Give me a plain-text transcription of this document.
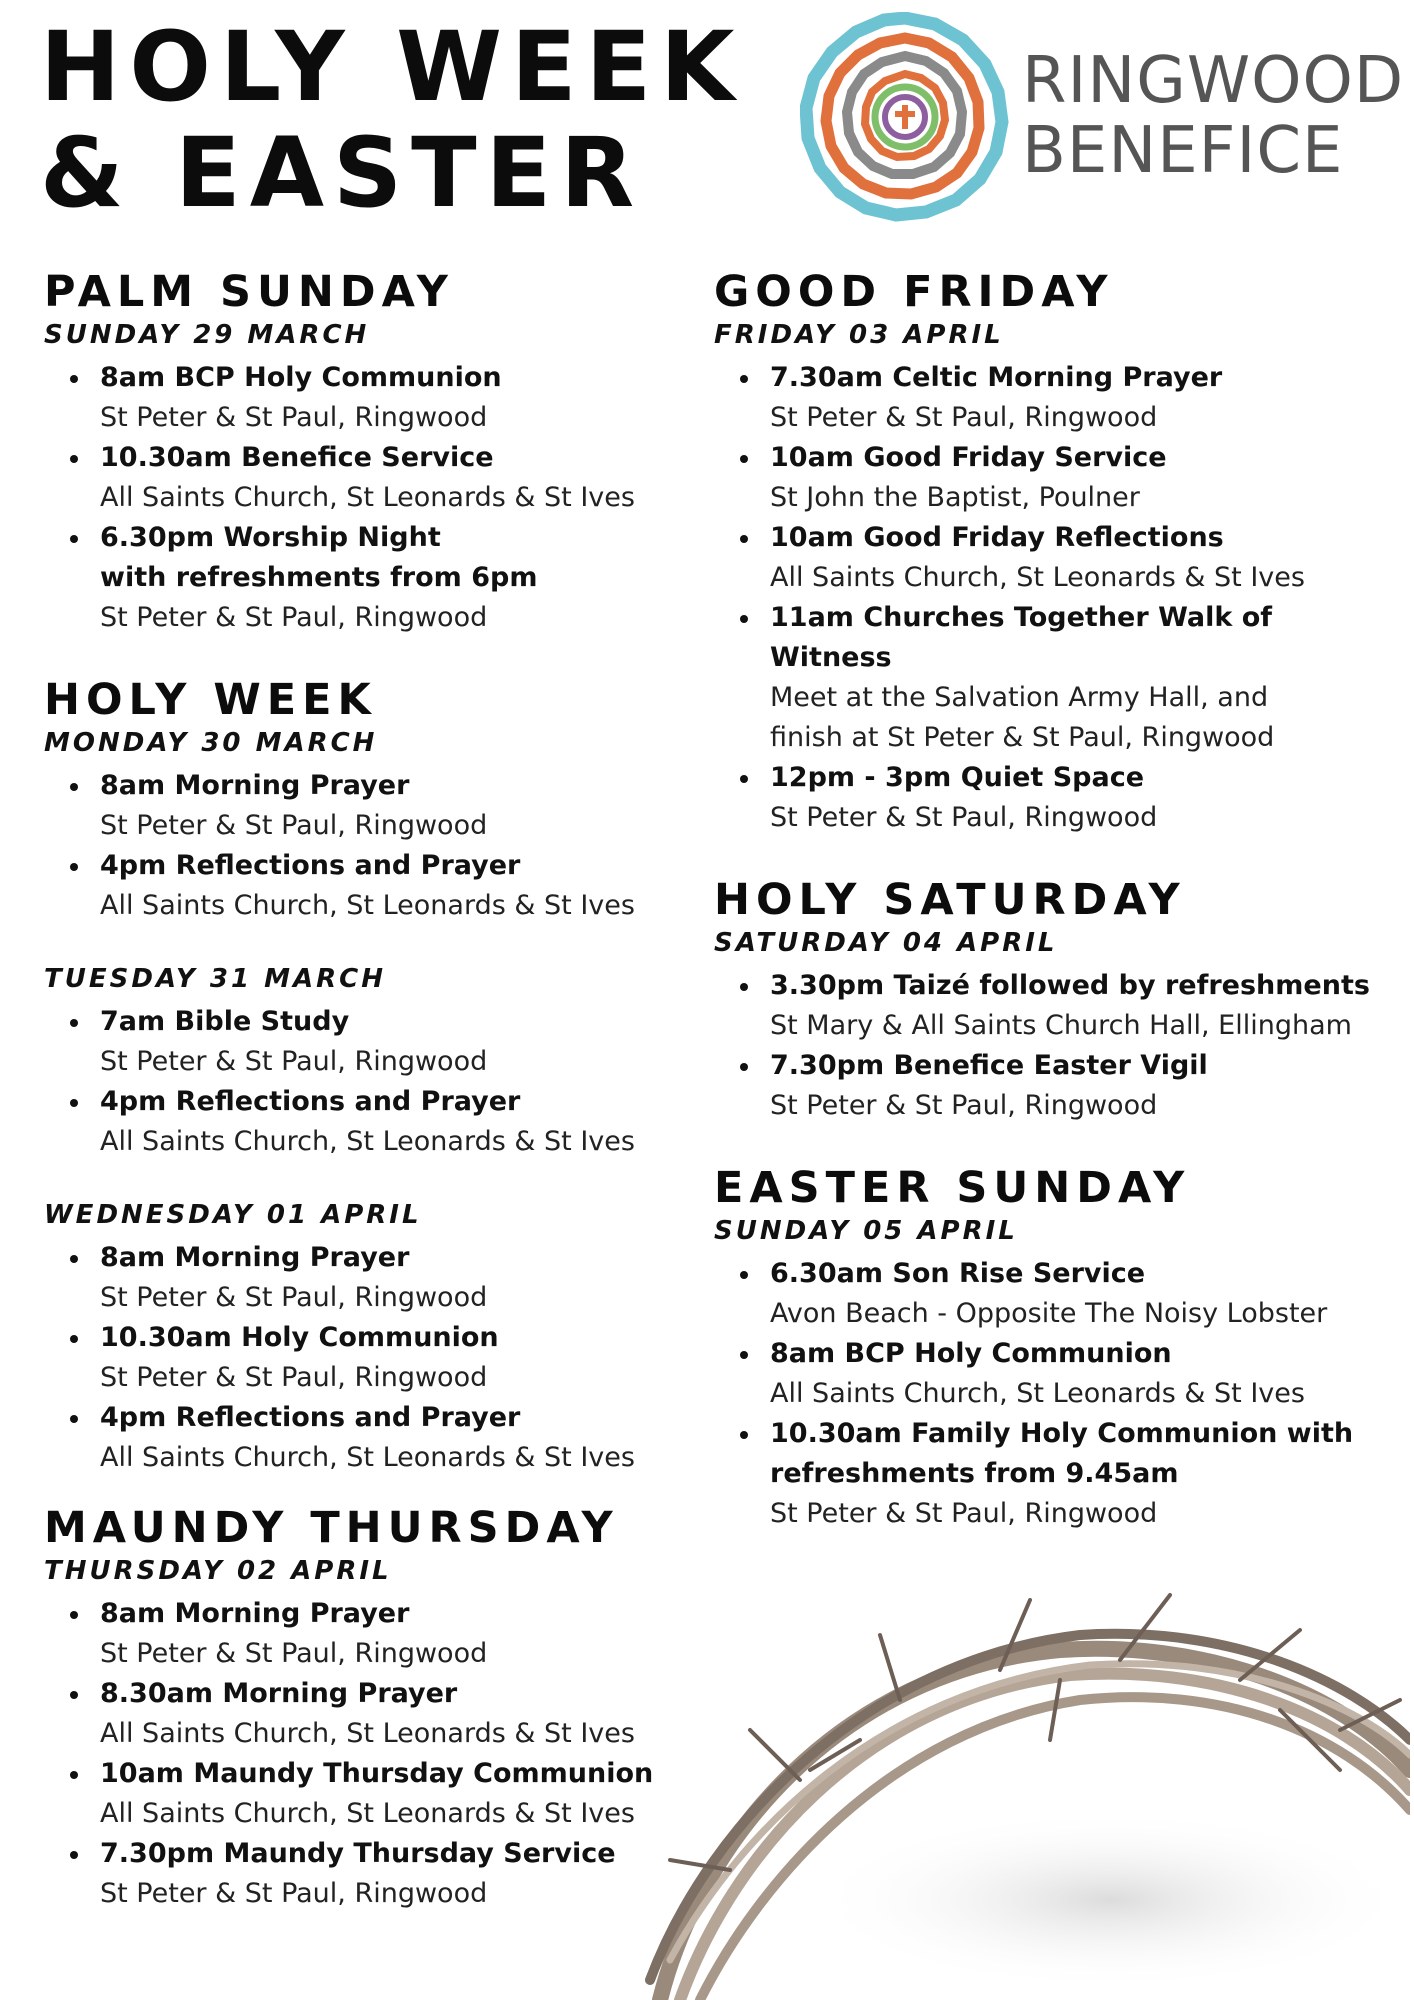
HOLY WEEK
& EASTER
RINGWOOD
BENEFICE
PALM SUNDAY
SUNDAY 29 MARCH
8am BCP Holy Communion
St Peter & St Paul, Ringwood
10.30am Benefice Service
All Saints Church, St Leonards & St Ives
6.30pm Worship Night
with refreshments from 6pm
St Peter & St Paul, Ringwood
HOLY WEEK
MONDAY 30 MARCH
8am Morning Prayer
St Peter & St Paul, Ringwood
4pm Reflections and Prayer
All Saints Church, St Leonards & St Ives
TUESDAY 31 MARCH
7am Bible Study
St Peter & St Paul, Ringwood
4pm Reflections and Prayer
All Saints Church, St Leonards & St Ives
WEDNESDAY 01 APRIL
8am Morning Prayer
St Peter & St Paul, Ringwood
10.30am Holy Communion
St Peter & St Paul, Ringwood
4pm Reflections and Prayer
All Saints Church, St Leonards & St Ives
MAUNDY THURSDAY
THURSDAY 02 APRIL
8am Morning Prayer
St Peter & St Paul, Ringwood
8.30am Morning Prayer
All Saints Church, St Leonards & St Ives
10am Maundy Thursday Communion
All Saints Church, St Leonards & St Ives
7.30pm Maundy Thursday Service
St Peter & St Paul, Ringwood
GOOD FRIDAY
FRIDAY 03 APRIL
7.30am Celtic Morning Prayer
St Peter & St Paul, Ringwood
10am Good Friday Service
St John the Baptist, Poulner
10am Good Friday Reflections
All Saints Church, St Leonards & St Ives
11am Churches Together Walk of
Witness
Meet at the Salvation Army Hall, and
finish at St Peter & St Paul, Ringwood
12pm - 3pm Quiet Space
St Peter & St Paul, Ringwood
HOLY SATURDAY
SATURDAY 04 APRIL
3.30pm Taizé followed by refreshments
St Mary & All Saints Church Hall, Ellingham
7.30pm Benefice Easter Vigil
St Peter & St Paul, Ringwood
EASTER SUNDAY
SUNDAY 05 APRIL
6.30am Son Rise Service
Avon Beach - Opposite The Noisy Lobster
8am BCP Holy Communion
All Saints Church, St Leonards & St Ives
10.30am Family Holy Communion with
refreshments from 9.45am
St Peter & St Paul, Ringwood
